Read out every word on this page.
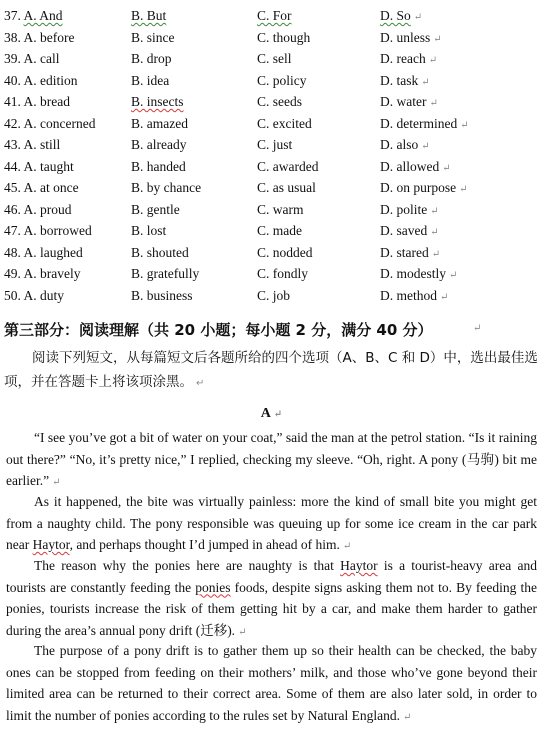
37. A. And	B. But	C. For	D. So ↵
38. A. before	B. since	C. though	D. unless ↵
39. A. call	B. drop	C. sell	D. reach ↵
40. A. edition	B. idea	C. policy	D. task ↵
41. A. bread	B. insects	C. seeds	D. water ↵
42. A. concerned	B. amazed	C. excited	D. determined ↵
43. A. still	B. already	C. just	D. also ↵
44. A. taught	B. handed	C. awarded	D. allowed ↵
45. A. at once	B. by chance	C. as usual	D. on purpose ↵
46. A. proud	B. gentle	C. warm	D. polite ↵
47. A. borrowed	B. lost	C. made	D. saved ↵
48. A. laughed	B. shouted	C. nodded	D. stared ↵
49. A. bravely	B. gratefully	C. fondly	D. modestly ↵
50. A. duty	B. business	C. job	D. method ↵
第三部分：阅读理解（共 20 小题；每小题 2 分，满分 40 分）	↵
阅读下列短文，从每篇短文后各题所给的四个选项（A、B、C 和 D）中，选出最佳选项，并在答题卡上将该项涂黑。 ↵
A ↵
“I see you’ve got a bit of water on your coat,” said the man at the petrol station. “Is it raining out there?” “No, it’s pretty nice,” I replied, checking my sleeve. “Oh, right. A pony (马驹) bit me earlier.” ↵
As it happened, the bite was virtually painless: more the kind of small bite you might get from a naughty child. The pony responsible was queuing up for some ice cream in the car park near Haytor, and perhaps thought I’d jumped in ahead of him. ↵
The reason why the ponies here are naughty is that Haytor is a tourist-heavy area and tourists are constantly feeding the ponies foods, despite signs asking them not to. By feeding the ponies, tourists increase the risk of them getting hit by a car, and make them harder to gather during the area’s annual pony drift (迁移). ↵
The purpose of a pony drift is to gather them up so their health can be checked, the baby ones can be stopped from feeding on their mothers’ milk, and those who’ve gone beyond their limited area can be returned to their correct area. Some of them are also later sold, in order to limit the number of ponies according to the rules set by Natural England. ↵
